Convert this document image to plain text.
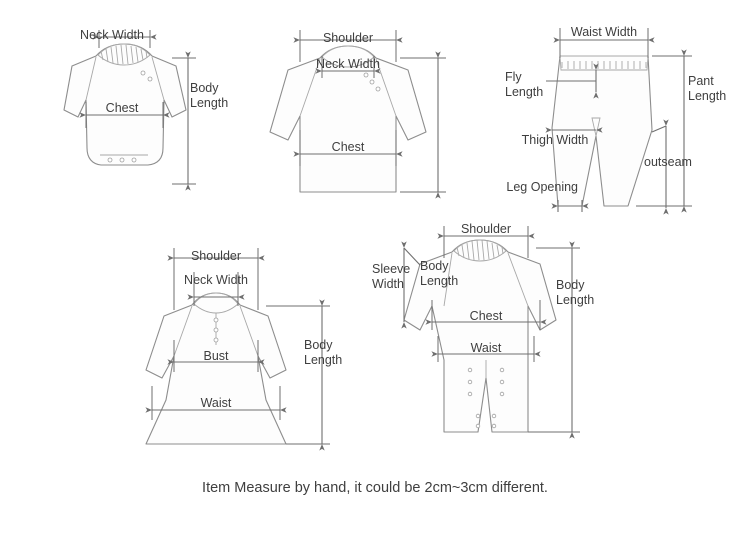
Neck Width
Chest
Shoulder
Neck Width
Chest
Waist Width
Thigh Width
outseam
Leg Opening
Shoulder
Neck Width
Bust
Waist
Shoulder
Chest
Waist
Item Measure by hand, it could be 2cm~3cm different.
Body Length
Fly Length
Pant Length
Body Length
Body Length
Sleeve Width	Body Length
